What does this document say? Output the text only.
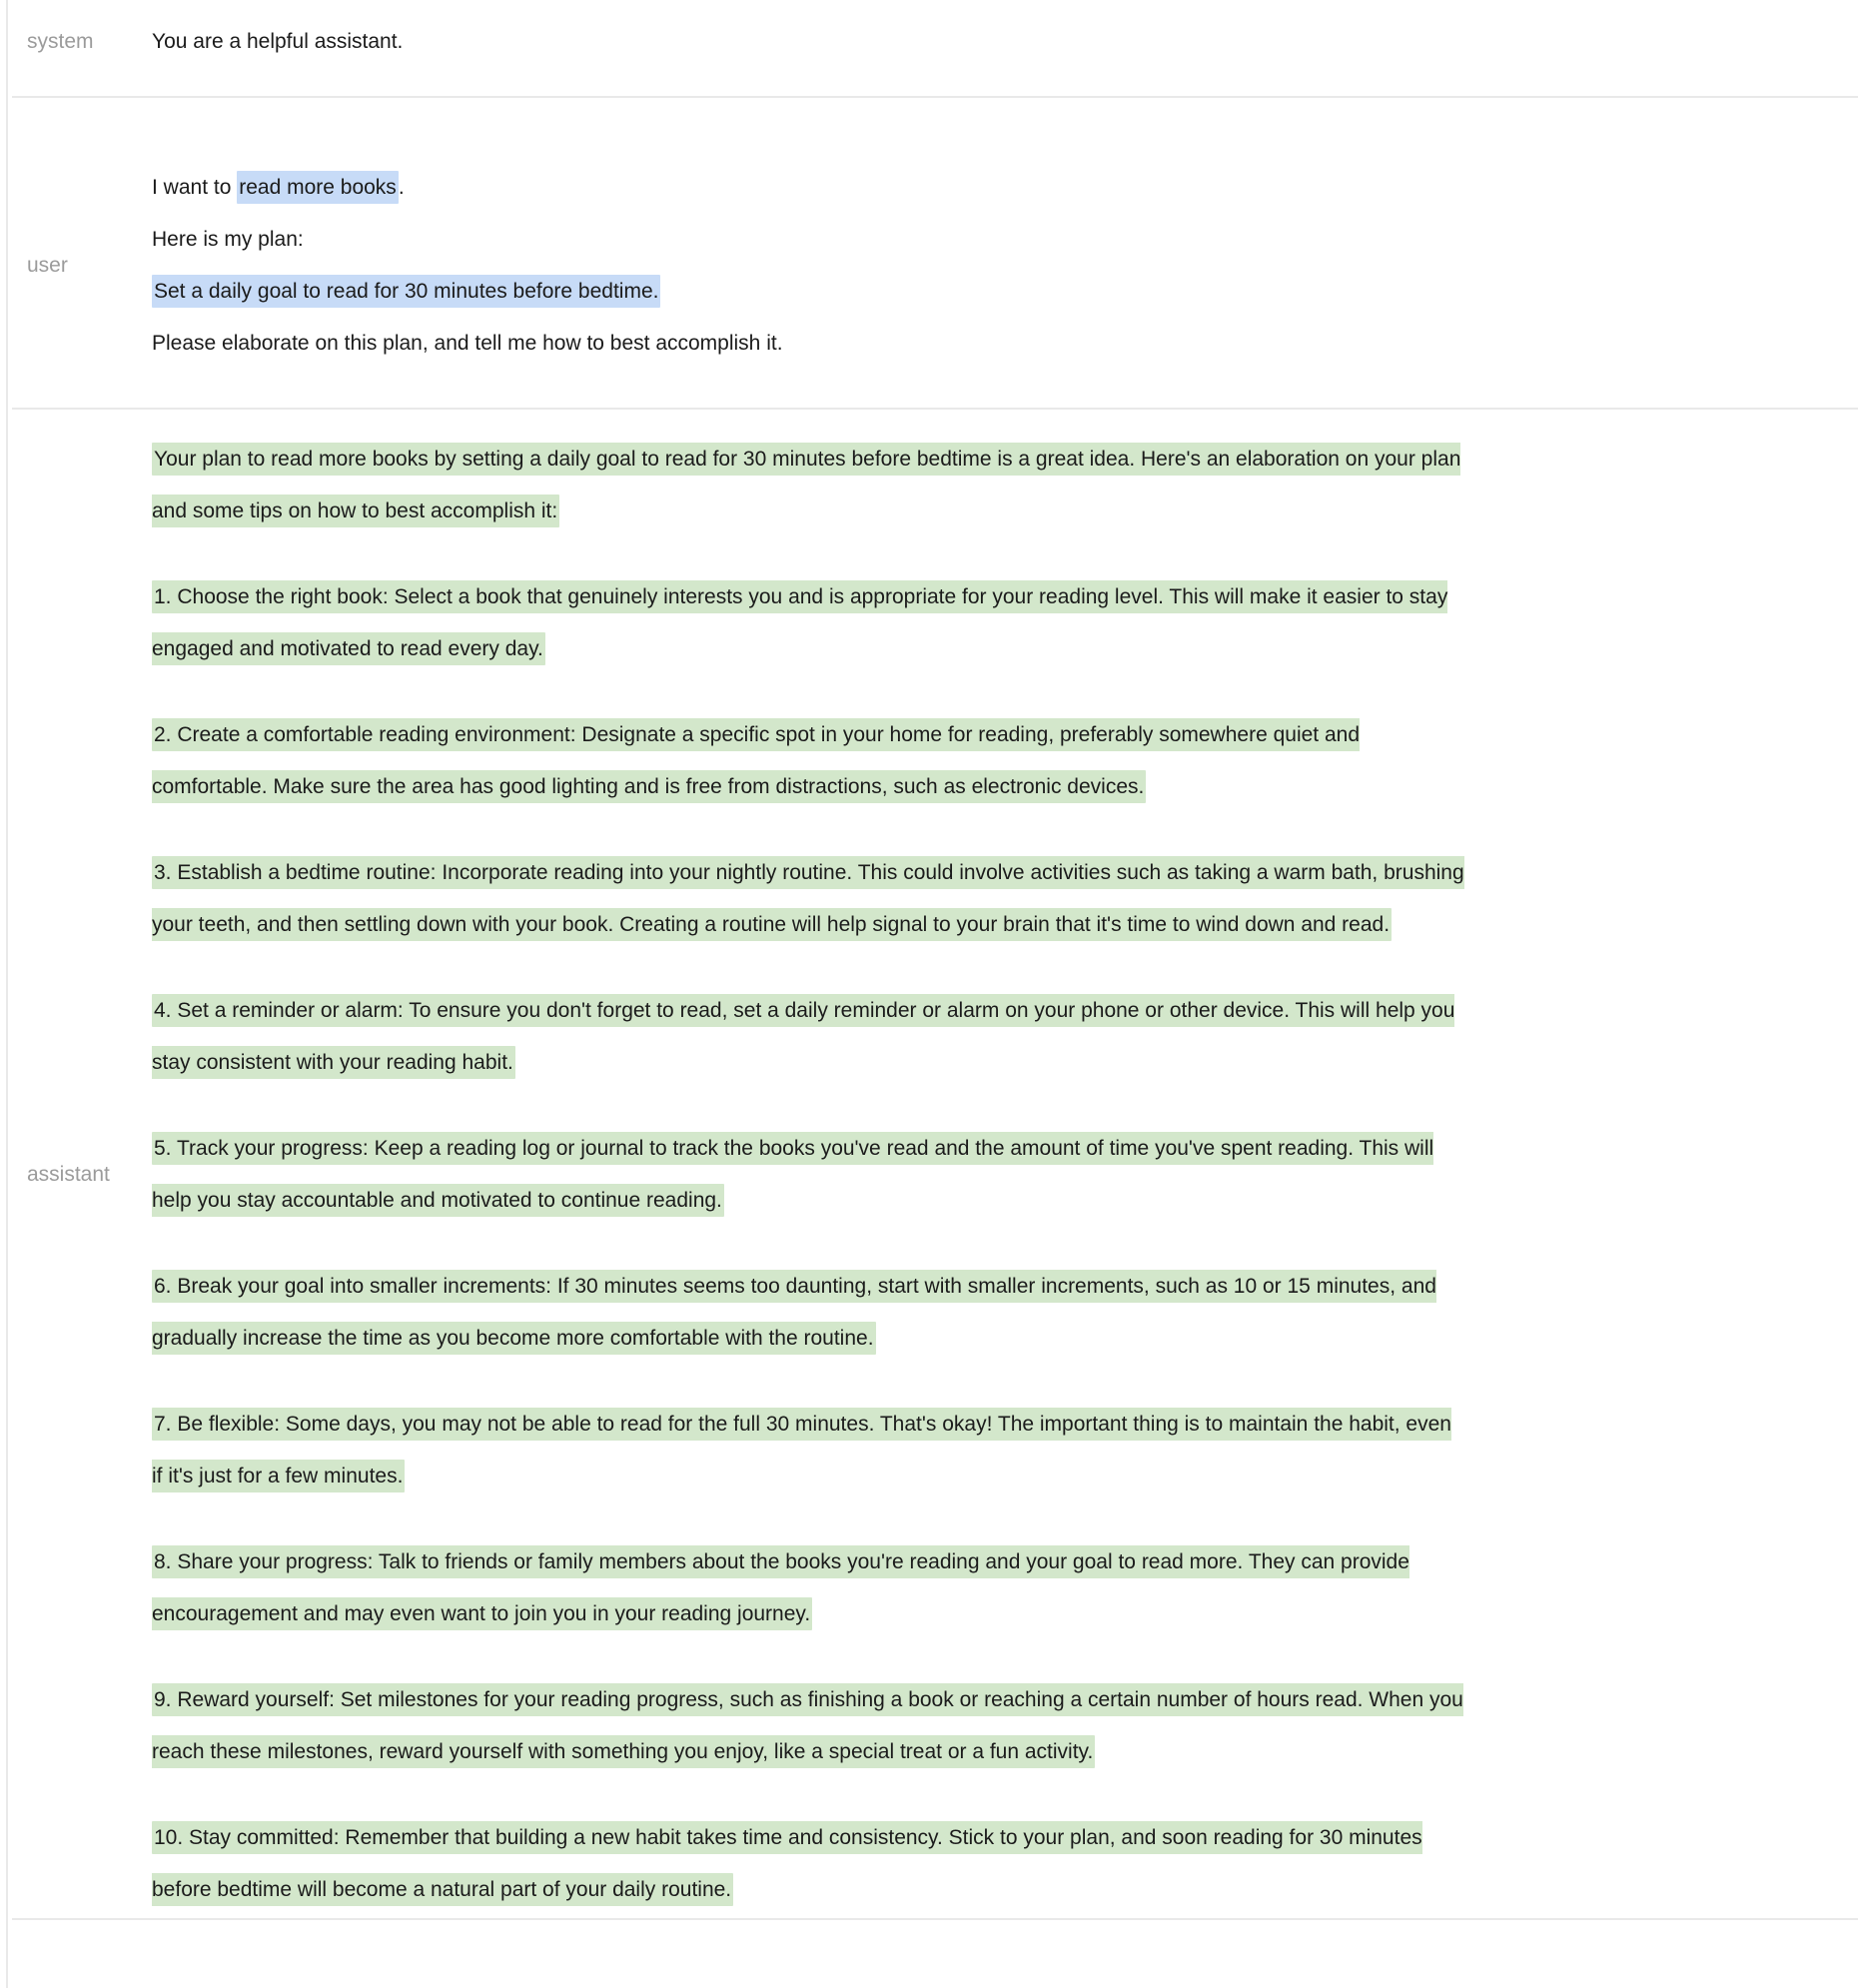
system	You are a helpful assistant.

user

I want to read more books.

Here is my plan:

Set a daily goal to read for 30 minutes before bedtime.

Please elaborate on this plan, and tell me how to best accomplish it.

assistant

Your plan to read more books by setting a daily goal to read for 30 minutes before bedtime is a great idea. Here's an elaboration on your plan and some tips on how to best accomplish it:

1. Choose the right book: Select a book that genuinely interests you and is appropriate for your reading level. This will make it easier to stay engaged and motivated to read every day.

2. Create a comfortable reading environment: Designate a specific spot in your home for reading, preferably somewhere quiet and comfortable. Make sure the area has good lighting and is free from distractions, such as electronic devices.

3. Establish a bedtime routine: Incorporate reading into your nightly routine. This could involve activities such as taking a warm bath, brushing your teeth, and then settling down with your book. Creating a routine will help signal to your brain that it's time to wind down and read.

4. Set a reminder or alarm: To ensure you don't forget to read, set a daily reminder or alarm on your phone or other device. This will help you stay consistent with your reading habit.

5. Track your progress: Keep a reading log or journal to track the books you've read and the amount of time you've spent reading. This will help you stay accountable and motivated to continue reading.

6. Break your goal into smaller increments: If 30 minutes seems too daunting, start with smaller increments, such as 10 or 15 minutes, and gradually increase the time as you become more comfortable with the routine.

7. Be flexible: Some days, you may not be able to read for the full 30 minutes. That's okay! The important thing is to maintain the habit, even if it's just for a few minutes.

8. Share your progress: Talk to friends or family members about the books you're reading and your goal to read more. They can provide encouragement and may even want to join you in your reading journey.

9. Reward yourself: Set milestones for your reading progress, such as finishing a book or reaching a certain number of hours read. When you reach these milestones, reward yourself with something you enjoy, like a special treat or a fun activity.

10. Stay committed: Remember that building a new habit takes time and consistency. Stick to your plan, and soon reading for 30 minutes before bedtime will become a natural part of your daily routine.
